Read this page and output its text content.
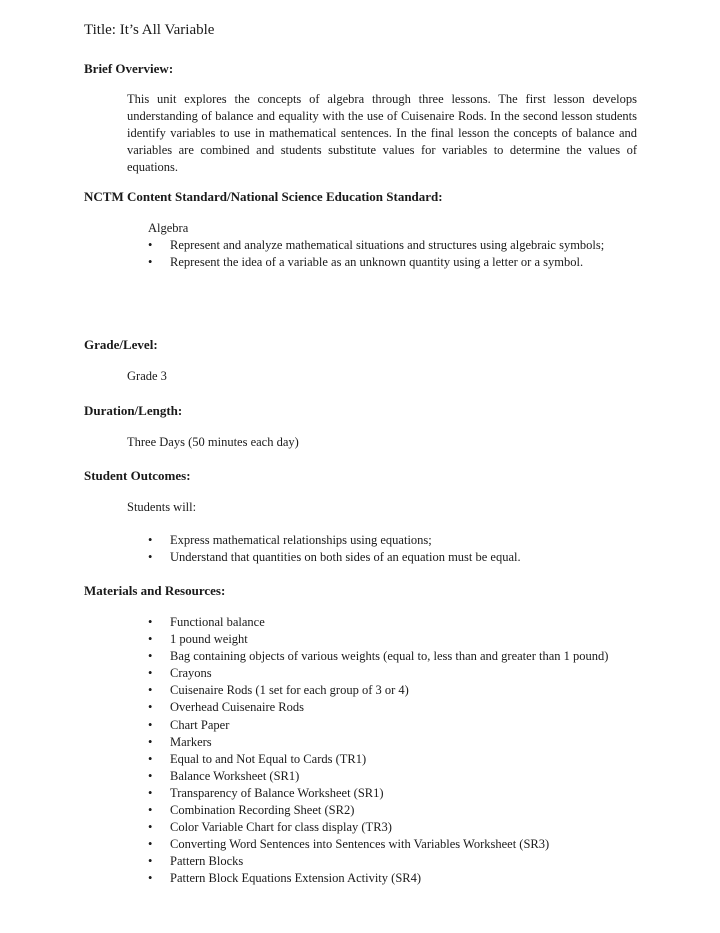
Title: It’s All Variable
Brief Overview:
This unit explores the concepts of algebra through three lessons. The first lesson develops understanding of balance and equality with the use of Cuisenaire Rods. In the second lesson students identify variables to use in mathematical sentences. In the final lesson the concepts of balance and variables are combined and students substitute values for variables to determine the values of equations.
NCTM Content Standard/National Science Education Standard:
Algebra
• Represent and analyze mathematical situations and structures using algebraic symbols;
• Represent the idea of a variable as an unknown quantity using a letter or a symbol.
Grade/Level:
Grade 3
Duration/Length:
Three Days (50 minutes each day)
Student Outcomes:
Students will:
• Express mathematical relationships using equations;
• Understand that quantities on both sides of an equation must be equal.
Materials and Resources:
• Functional balance
• 1 pound weight
• Bag containing objects of various weights (equal to, less than and greater than 1 pound)
• Crayons
• Cuisenaire Rods (1 set for each group of 3 or 4)
• Overhead Cuisenaire Rods
• Chart Paper
• Markers
• Equal to and Not Equal to Cards (TR1)
• Balance Worksheet (SR1)
• Transparency of Balance Worksheet (SR1)
• Combination Recording Sheet (SR2)
• Color Variable Chart for class display (TR3)
• Converting Word Sentences into Sentences with Variables Worksheet (SR3)
• Pattern Blocks
• Pattern Block Equations Extension Activity (SR4)
